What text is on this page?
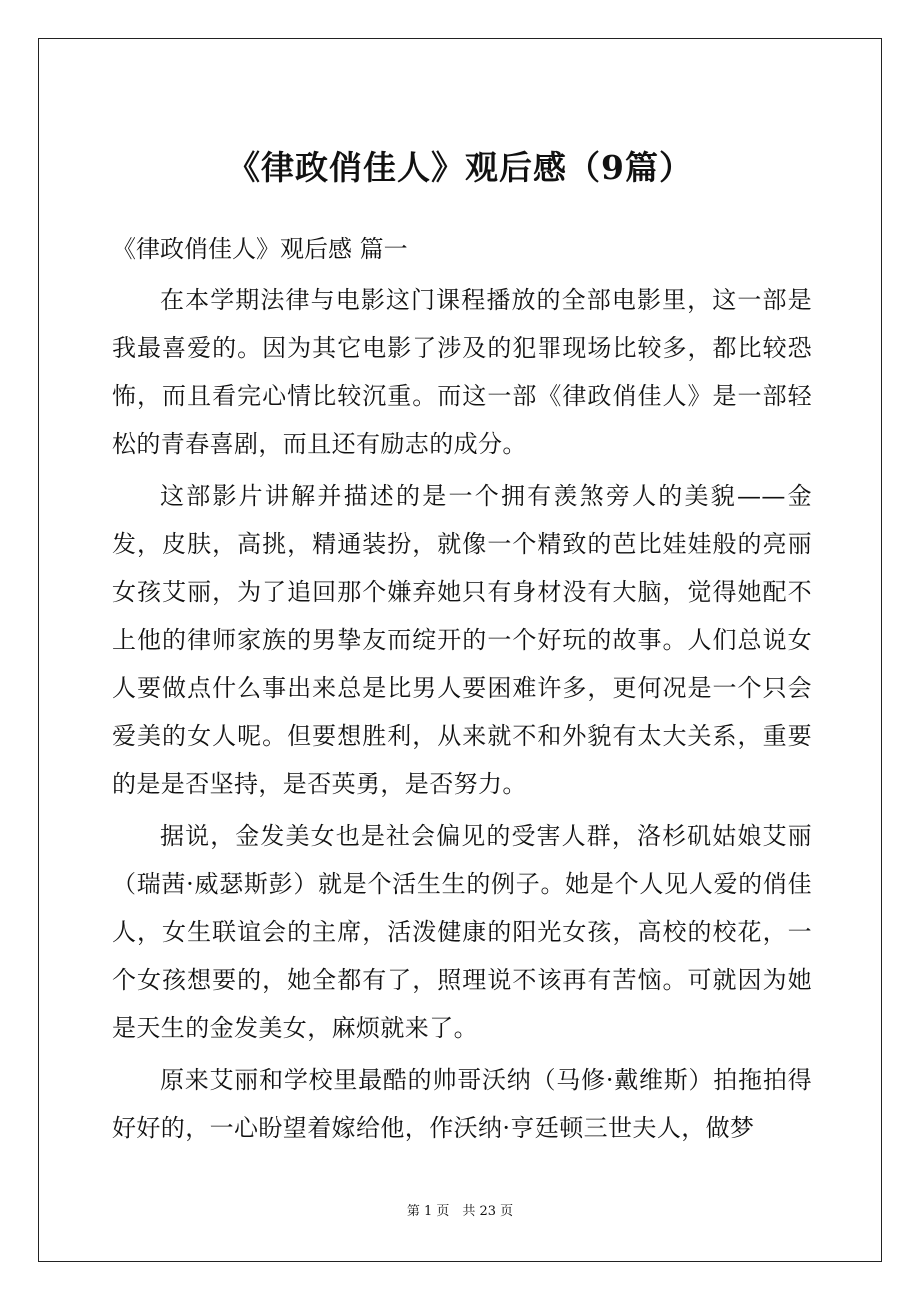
《律政俏佳人》观后感（9篇）
《律政俏佳人》观后感 篇一

在本学期法律与电影这门课程播放的全部电影里，这一部是我最喜爱的。因为其它电影了涉及的犯罪现场比较多，都比较恐怖，而且看完心情比较沉重。而这一部《律政俏佳人》是一部轻松的青春喜剧，而且还有励志的成分。

这部影片讲解并描述的是一个拥有羡煞旁人的美貌——金发，皮肤，高挑，精通装扮，就像一个精致的芭比娃娃般的亮丽女孩艾丽，为了追回那个嫌弃她只有身材没有大脑，觉得她配不上他的律师家族的男挚友而绽开的一个好玩的故事。人们总说女人要做点什么事出来总是比男人要困难许多，更何况是一个只会爱美的女人呢。但要想胜利，从来就不和外貌有太大关系，重要的是是否坚持，是否英勇，是否努力。

据说，金发美女也是社会偏见的受害人群，洛杉矶姑娘艾丽（瑞茜·威瑟斯彭）就是个活生生的例子。她是个人见人爱的俏佳人，女生联谊会的主席，活泼健康的阳光女孩，高校的校花，一个女孩想要的，她全都有了，照理说不该再有苦恼。可就因为她是天生的金发美女，麻烦就来了。

原来艾丽和学校里最酷的帅哥沃纳（马修·戴维斯）拍拖拍得好好的，一心盼望着嫁给他，作沃纳·亨廷顿三世夫人，做梦

第 1 页　共 23 页
